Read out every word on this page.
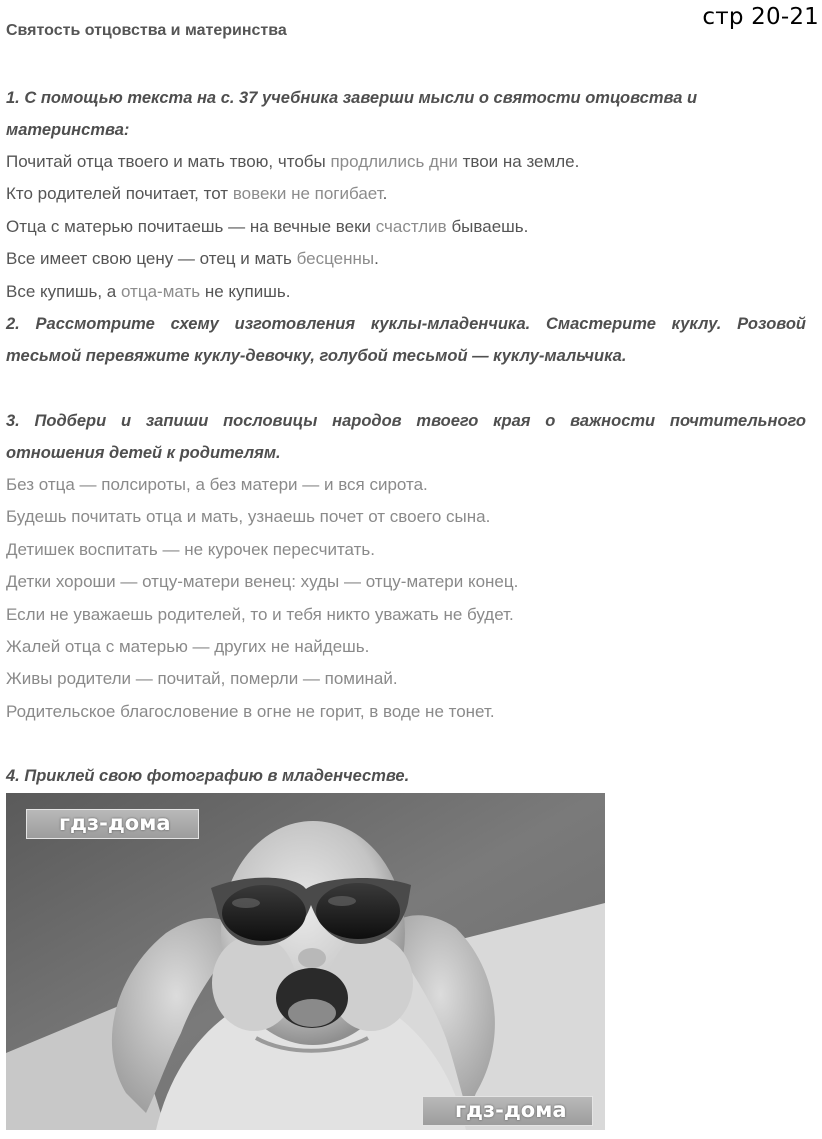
стр 20-21
Святость отцовства и материнства
1. С помощью текста на с. 37 учебника заверши мысли о святости отцовства и материнства:
Почитай отца твоего и мать твою, чтобы продлились дни твои на земле.
Кто родителей почитает, тот вовеки не погибает.
Отца с матерью почитаешь — на вечные веки счастлив бываешь.
Все имеет свою цену — отец и мать бесценны.
Все купишь, а отца-мать не купишь.
2. Рассмотрите схему изготовления куклы-младенчика. Смастерите куклу. Розовой тесьмой перевяжите куклу-девочку, голубой тесьмой — куклу-мальчика.
3. Подбери и запиши пословицы народов твоего края о важности почтительного отношения детей к родителям.
Без отца — полсироты, а без матери — и вся сирота.
Будешь почитать отца и мать, узнаешь почет от своего сына.
Детишек воспитать — не курочек пересчитать.
Детки хороши — отцу-матери венец: худы — отцу-матери конец.
Если не уважаешь родителей, то и тебя никто уважать не будет.
Жалей отца с матерью — других не найдешь.
Живы родители — почитай, померли — поминай.
Родительское благословение в огне не горит, в воде не тонет.
4. Приклей свою фотографию в младенчестве.
гдз-дома
гдз-дома
